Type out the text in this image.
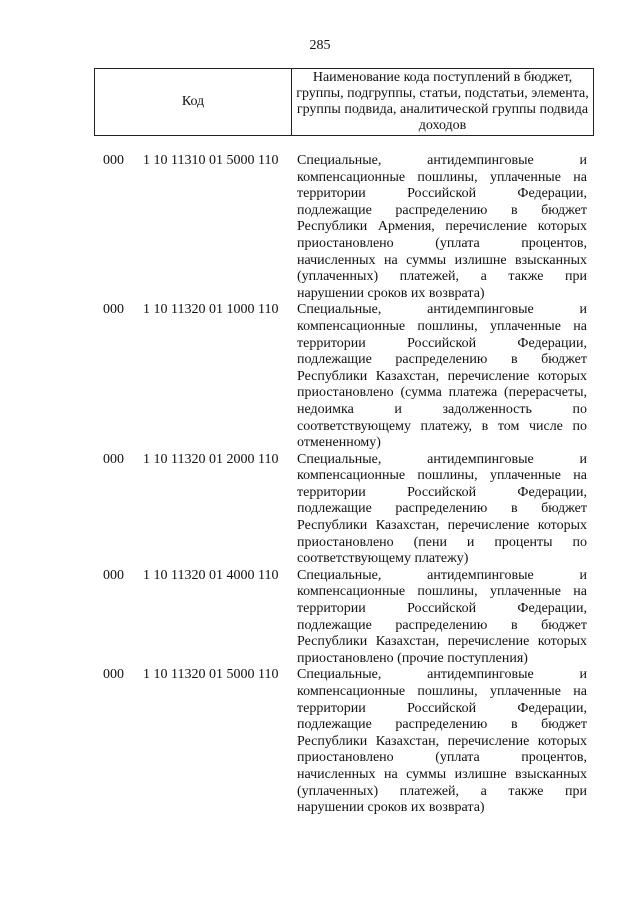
285
Код	Наименование кода поступлений в бюджет, группы, подгруппы, статьи, подстатьи, элемента, группы подвида, аналитической группы подвида доходов
000 1 10 11310 01 5000 110 Специальные, антидемпинговые и
компенсационные пошлины, уплаченные на
территории Российской Федерации,
подлежащие распределению в бюджет
Республики Армения, перечисление которых
приостановлено (уплата процентов,
начисленных на суммы излишне взысканных
(уплаченных) платежей, а также при
нарушении сроков их возврата)
000 1 10 11320 01 1000 110 Специальные, антидемпинговые и
компенсационные пошлины, уплаченные на
территории Российской Федерации,
подлежащие распределению в бюджет
Республики Казахстан, перечисление которых
приостановлено (сумма платежа (перерасчеты,
недоимка и задолженность по
соответствующему платежу, в том числе по
отмененному)
000 1 10 11320 01 2000 110 Специальные, антидемпинговые и
компенсационные пошлины, уплаченные на
территории Российской Федерации,
подлежащие распределению в бюджет
Республики Казахстан, перечисление которых
приостановлено (пени и проценты по
соответствующему платежу)
000 1 10 11320 01 4000 110 Специальные, антидемпинговые и
компенсационные пошлины, уплаченные на
территории Российской Федерации,
подлежащие распределению в бюджет
Республики Казахстан, перечисление которых
приостановлено (прочие поступления)
000 1 10 11320 01 5000 110 Специальные, антидемпинговые и
компенсационные пошлины, уплаченные на
территории Российской Федерации,
подлежащие распределению в бюджет
Республики Казахстан, перечисление которых
приостановлено (уплата процентов,
начисленных на суммы излишне взысканных
(уплаченных) платежей, а также при
нарушении сроков их возврата)
